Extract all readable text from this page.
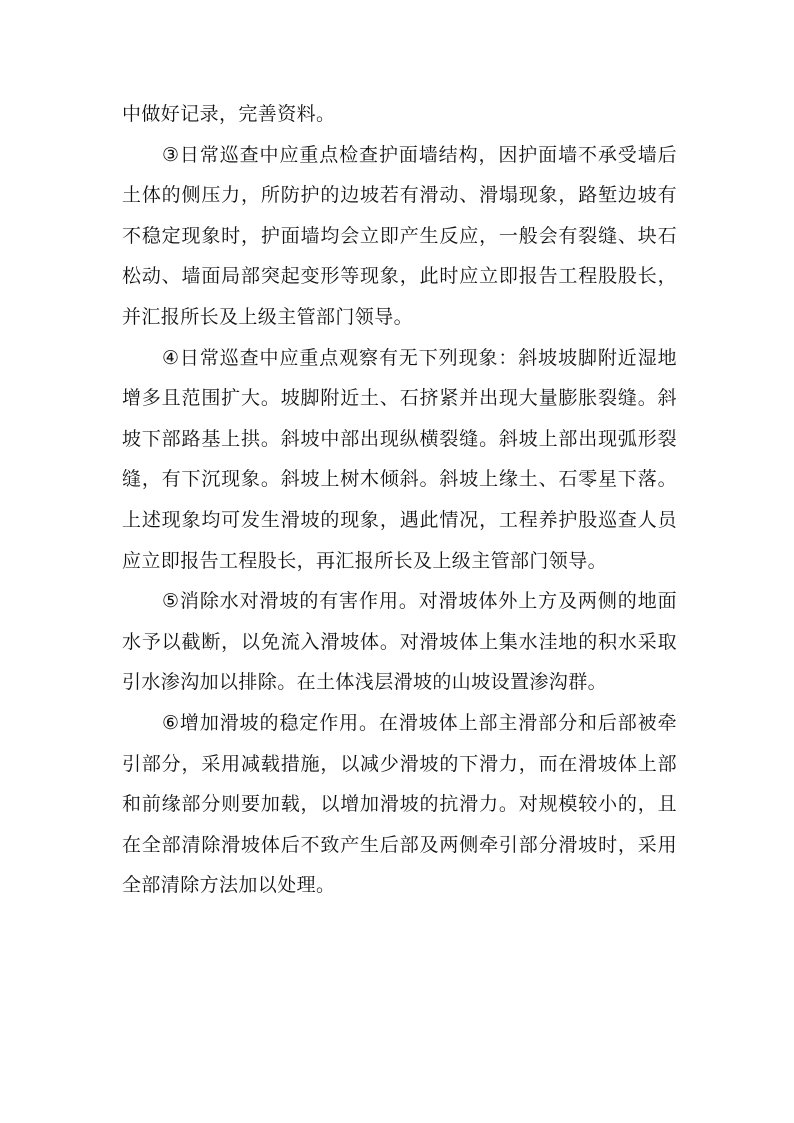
中做好记录，完善资料。

③日常巡查中应重点检查护面墙结构，因护面墙不承受墙后土体的侧压力，所防护的边坡若有滑动、滑塌现象，路堑边坡有不稳定现象时，护面墙均会立即产生反应，一般会有裂缝、块石松动、墙面局部突起变形等现象，此时应立即报告工程股股长，并汇报所长及上级主管部门领导。

④日常巡查中应重点观察有无下列现象：斜坡坡脚附近湿地增多且范围扩大。坡脚附近土、石挤紧并出现大量膨胀裂缝。斜坡下部路基上拱。斜坡中部出现纵横裂缝。斜坡上部出现弧形裂缝，有下沉现象。斜坡上树木倾斜。斜坡上缘土、石零星下落。上述现象均可发生滑坡的现象，遇此情况，工程养护股巡查人员应立即报告工程股长，再汇报所长及上级主管部门领导。

⑤消除水对滑坡的有害作用。对滑坡体外上方及两侧的地面水予以截断，以免流入滑坡体。对滑坡体上集水洼地的积水采取引水渗沟加以排除。在土体浅层滑坡的山坡设置渗沟群。

⑥增加滑坡的稳定作用。在滑坡体上部主滑部分和后部被牵引部分，采用减载措施，以减少滑坡的下滑力，而在滑坡体上部和前缘部分则要加载，以增加滑坡的抗滑力。对规模较小的，且在全部清除滑坡体后不致产生后部及两侧牵引部分滑坡时，采用全部清除方法加以处理。
